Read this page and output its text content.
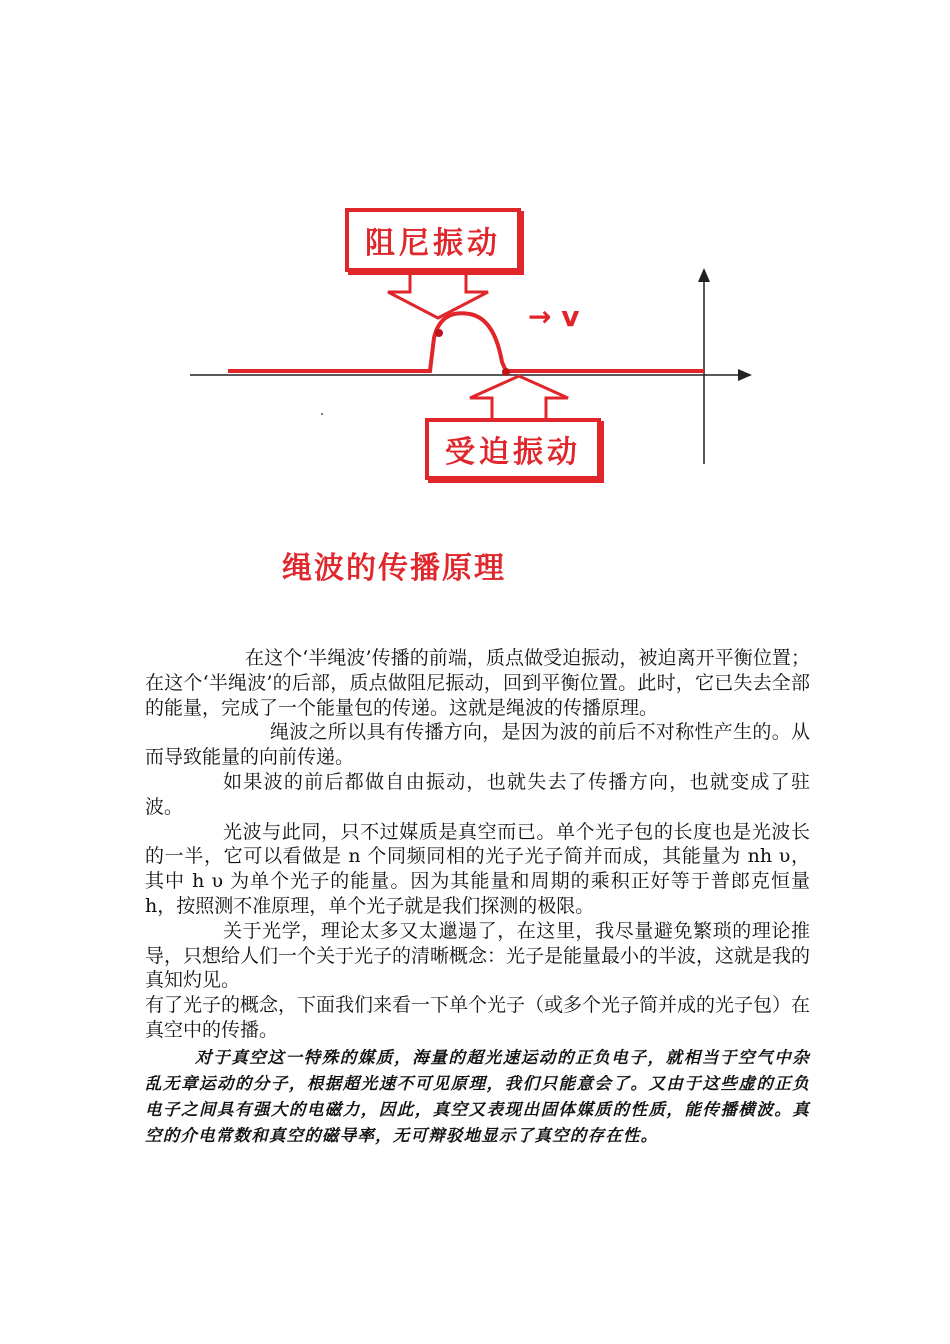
阻尼振动
受迫振动
→ v
绳波的传播原理

在这个‘半绳波’传播的前端，质点做受迫振动，被迫离开平衡位置；在这个‘半绳波’的后部，质点做阻尼振动，回到平衡位置。此时，它已失去全部的能量，完成了一个能量包的传递。这就是绳波的传播原理。

绳波之所以具有传播方向，是因为波的前后不对称性产生的。从而导致能量的向前传递。

如果波的前后都做自由振动，也就失去了传播方向，也就变成了驻波。

光波与此同，只不过媒质是真空而已。单个光子包的长度也是光波长的一半，它可以看做是 n 个同频同相的光子光子简并而成，其能量为 nh υ， 其中 h υ 为单个光子的能量。因为其能量和周期的乘积正好等于普郎克恒量 h，按照测不准原理，单个光子就是我们探测的极限。

关于光学，理论太多又太邋遢了，在这里，我尽量避免繁琐的理论推导，只想给人们一个关于光子的清晰概念：光子是能量最小的半波，这就是我的真知灼见。

有了光子的概念，下面我们来看一下单个光子（或多个光子简并成的光子包）在真空中的传播。

对于真空这一特殊的媒质，海量的超光速运动的正负电子，就相当于空气中杂乱无章运动的分子，根据超光速不可见原理，我们只能意会了。又由于这些虚的正负电子之间具有强大的电磁力，因此，真空又表现出固体媒质的性质，能传播横波。真空的介电常数和真空的磁导率，无可辩驳地显示了真空的存在性。
